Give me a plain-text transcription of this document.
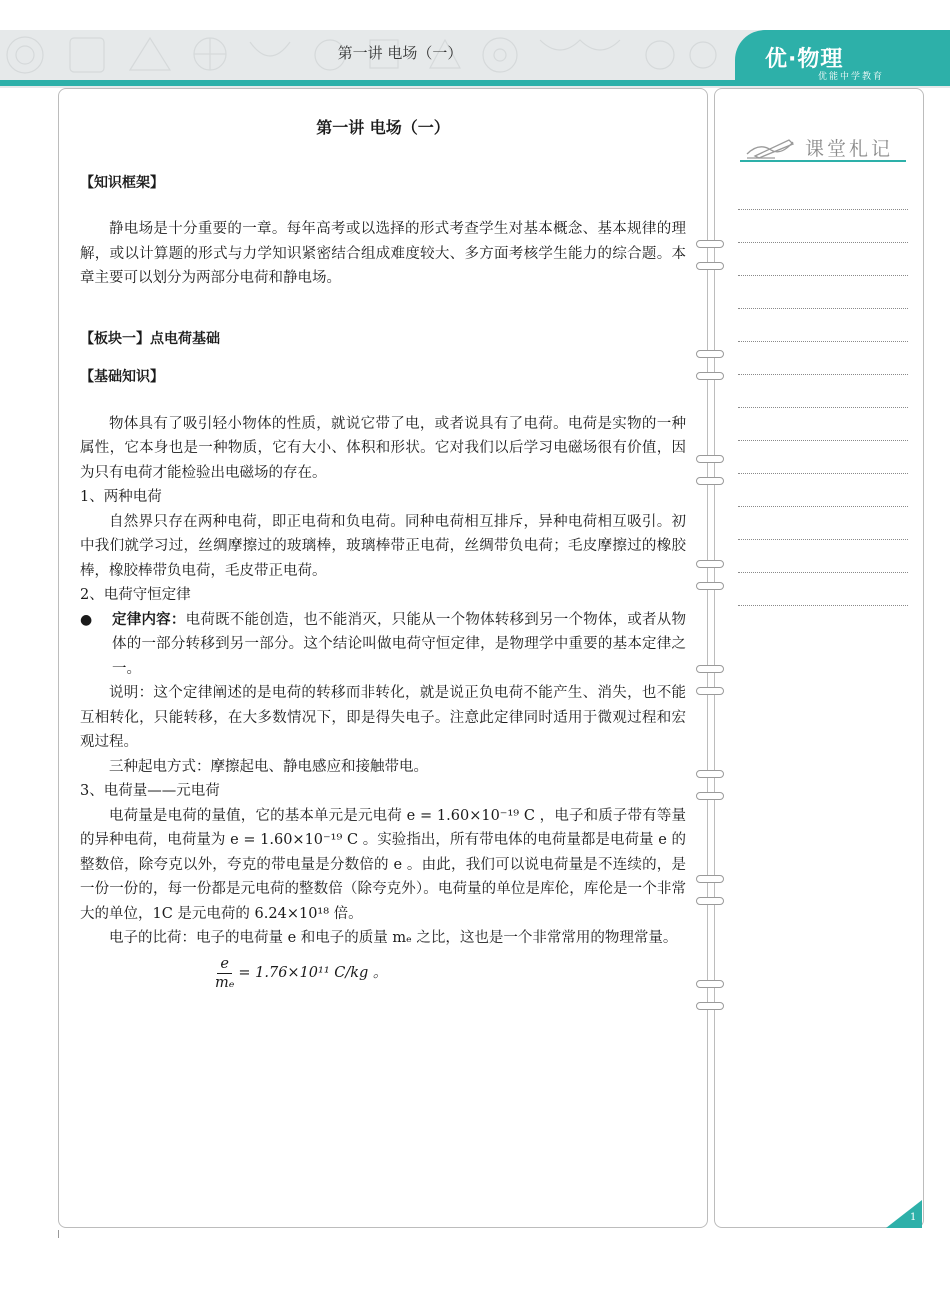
第一讲 电场（一）	优·物理
优能中学教育
课堂札记
第一讲 电场（一）
【知识框架】

静电场是十分重要的一章。每年高考或以选择的形式考查学生对基本概念、基本规律的理解，或以计算题的形式与力学知识紧密结合组成难度较大、多方面考核学生能力的综合题。本章主要可以划分为两部分电荷和静电场。

【板块一】点电荷基础
【基础知识】

物体具有了吸引轻小物体的性质，就说它带了电，或者说具有了电荷。电荷是实物的一种属性，它本身也是一种物质，它有大小、体积和形状。它对我们以后学习电磁场很有价值，因为只有电荷才能检验出电磁场的存在。

1、两种电荷

自然界只存在两种电荷，即正电荷和负电荷。同种电荷相互排斥，异种电荷相互吸引。初中我们就学习过，丝绸摩擦过的玻璃棒，玻璃棒带正电荷，丝绸带负电荷；毛皮摩擦过的橡胶棒，橡胶棒带负电荷，毛皮带正电荷。

2、电荷守恒定律

●	定律内容：电荷既不能创造，也不能消灭，只能从一个物体转移到另一个物体，或者从物体的一部分转移到另一部分。这个结论叫做电荷守恒定律，是物理学中重要的基本定律之一。

说明：这个定律阐述的是电荷的转移而非转化，就是说正负电荷不能产生、消失，也不能互相转化，只能转移，在大多数情况下，即是得失电子。注意此定律同时适用于微观过程和宏观过程。

三种起电方式：摩擦起电、静电感应和接触带电。

3、电荷量——元电荷

电荷量是电荷的量值，它的基本单元是元电荷 e = 1.60×10⁻¹⁹ C ，电子和质子带有等量的异种电荷，电荷量为 e = 1.60×10⁻¹⁹ C 。实验指出，所有带电体的电荷量都是电荷量 e 的整数倍，除夸克以外，夸克的带电量是分数倍的 e 。由此，我们可以说电荷量是不连续的，是一份一份的，每一份都是元电荷的整数倍（除夸克外）。电荷量的单位是库伦，库伦是一个非常大的单位，1C 是元电荷的 6.24×10¹⁸ 倍。

电子的比荷：电子的电荷量 e 和电子的质量 mₑ 之比，这也是一个非常常用的物理常量。

$\frac{e}{\text{mₑ}} = 1.76\times 10^{11}$ C/kg 。
1
